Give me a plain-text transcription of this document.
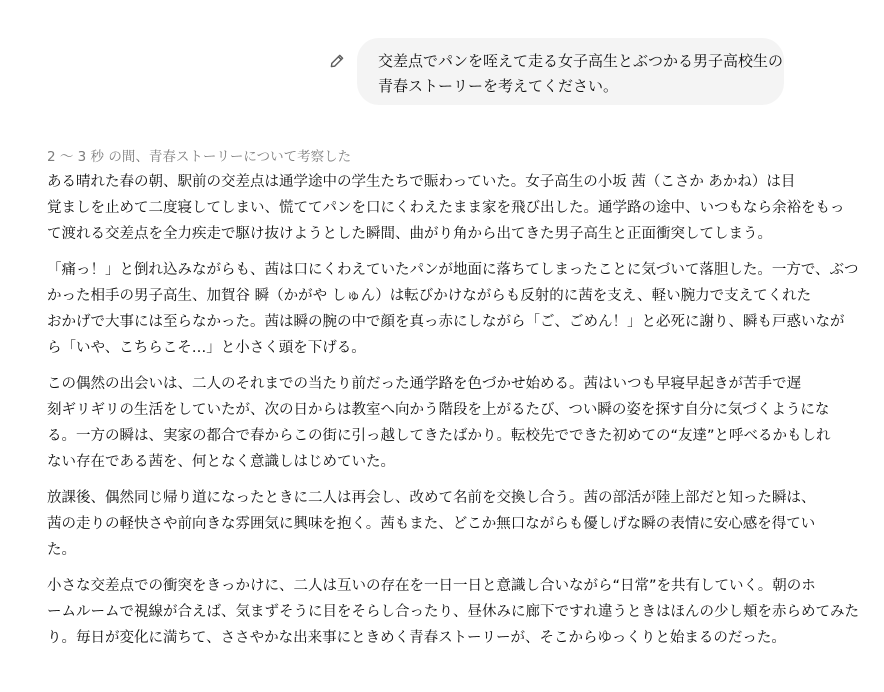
交差点でパンを咥えて走る女子高生とぶつかる男子高校生の
青春ストーリーを考えてください。

2 〜 3 秒 の間、青春ストーリーについて考察した

ある晴れた春の朝、駅前の交差点は通学途中の学生たちで賑わっていた。女子高生の小坂 茜（こさか あかね）は目
覚ましを止めて二度寝してしまい、慌ててパンを口にくわえたまま家を飛び出した。通学路の途中、いつもなら余裕をもっ
て渡れる交差点を全力疾走で駆け抜けようとした瞬間、曲がり角から出てきた男子高生と正面衝突してしまう。

「痛っ！」と倒れ込みながらも、茜は口にくわえていたパンが地面に落ちてしまったことに気づいて落胆した。一方で、ぶつ
かった相手の男子高生、加賀谷 瞬（かがや しゅん）は転びかけながらも反射的に茜を支え、軽い腕力で支えてくれた
おかげで大事には至らなかった。茜は瞬の腕の中で顔を真っ赤にしながら「ご、ごめん！」と必死に謝り、瞬も戸惑いなが
ら「いや、こちらこそ…」と小さく頭を下げる。

この偶然の出会いは、二人のそれまでの当たり前だった通学路を色づかせ始める。茜はいつも早寝早起きが苦手で遅
刻ギリギリの生活をしていたが、次の日からは教室へ向かう階段を上がるたび、つい瞬の姿を探す自分に気づくようにな
る。一方の瞬は、実家の都合で春からこの街に引っ越してきたばかり。転校先でできた初めての“友達”と呼べるかもしれ
ない存在である茜を、何となく意識しはじめていた。

放課後、偶然同じ帰り道になったときに二人は再会し、改めて名前を交換し合う。茜の部活が陸上部だと知った瞬は、
茜の走りの軽快さや前向きな雰囲気に興味を抱く。茜もまた、どこか無口ながらも優しげな瞬の表情に安心感を得てい
た。

小さな交差点での衝突をきっかけに、二人は互いの存在を一日一日と意識し合いながら“日常”を共有していく。朝のホ
ームルームで視線が合えば、気まずそうに目をそらし合ったり、昼休みに廊下ですれ違うときはほんの少し頬を赤らめてみた
り。毎日が変化に満ちて、ささやかな出来事にときめく青春ストーリーが、そこからゆっくりと始まるのだった。
